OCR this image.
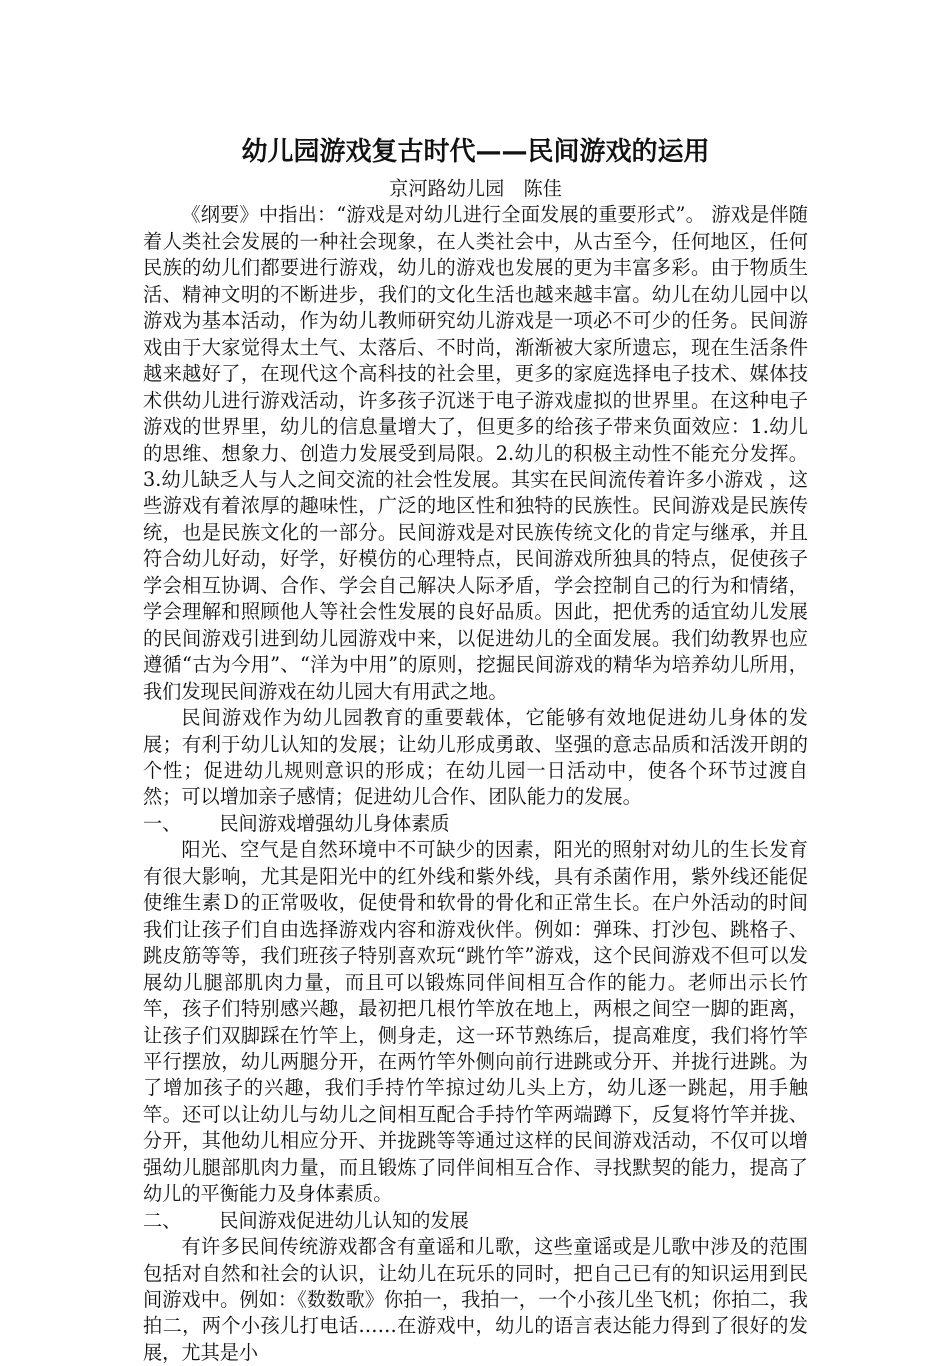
幼儿园游戏复古时代——民间游戏的运用

京河路幼儿园　陈佳

《纲要》中指出：“游戏是对幼儿进行全面发展的重要形式”。 游戏是伴随着人类社会发展的一种社会现象，在人类社会中，从古至今，任何地区，任何民族的幼儿们都要进行游戏，幼儿的游戏也发展的更为丰富多彩。由于物质生活、精神文明的不断进步，我们的文化生活也越来越丰富。幼儿在幼儿园中以游戏为基本活动，作为幼儿教师研究幼儿游戏是一项必不可少的任务。民间游戏由于大家觉得太土气、太落后、不时尚，渐渐被大家所遗忘，现在生活条件越来越好了，在现代这个高科技的社会里，更多的家庭选择电子技术、媒体技术供幼儿进行游戏活动，许多孩子沉迷于电子游戏虚拟的世界里。在这种电子游戏的世界里，幼儿的信息量增大了，但更多的给孩子带来负面效应：1.幼儿的思维、想象力、创造力发展受到局限。2.幼儿的积极主动性不能充分发挥。3.幼儿缺乏人与人之间交流的社会性发展。其实在民间流传着许多小游戏 ，这些游戏有着浓厚的趣味性，广泛的地区性和独特的民族性。民间游戏是民族传统，也是民族文化的一部分。民间游戏是对民族传统文化的肯定与继承，并且符合幼儿好动，好学，好模仿的心理特点，民间游戏所独具的特点，促使孩子学会相互协调、合作、学会自己解决人际矛盾，学会控制自己的行为和情绪，学会理解和照顾他人等社会性发展的良好品质。因此，把优秀的适宜幼儿发展的民间游戏引进到幼儿园游戏中来，以促进幼儿的全面发展。我们幼教界也应遵循“古为今用”、“洋为中用”的原则，挖掘民间游戏的精华为培养幼儿所用，我们发现民间游戏在幼儿园大有用武之地。

民间游戏作为幼儿园教育的重要载体，它能够有效地促进幼儿身体的发展；有利于幼儿认知的发展；让幼儿形成勇敢、坚强的意志品质和活泼开朗的个性；促进幼儿规则意识的形成；在幼儿园一日活动中，使各个环节过渡自然；可以增加亲子感情；促进幼儿合作、团队能力的发展。

一、 民间游戏增强幼儿身体素质

阳光、空气是自然环境中不可缺少的因素，阳光的照射对幼儿的生长发育有很大影响，尤其是阳光中的红外线和紫外线，具有杀菌作用，紫外线还能促使维生素Ｄ的正常吸收，促使骨和软骨的骨化和正常生长。在户外活动的时间我们让孩子们自由选择游戏内容和游戏伙伴。例如：弹珠、打沙包、跳格子、跳皮筋等等，我们班孩子特别喜欢玩“跳竹竿”游戏，这个民间游戏不但可以发展幼儿腿部肌肉力量，而且可以锻炼同伴间相互合作的能力。老师出示长竹竿，孩子们特别感兴趣，最初把几根竹竿放在地上，两根之间空一脚的距离，让孩子们双脚踩在竹竿上，侧身走，这一环节熟练后，提高难度，我们将竹竿平行摆放，幼儿两腿分开，在两竹竿外侧向前行进跳或分开、并拢行进跳。为了增加孩子的兴趣，我们手持竹竿掠过幼儿头上方，幼儿逐一跳起，用手触竿。还可以让幼儿与幼儿之间相互配合手持竹竿两端蹲下，反复将竹竿并拢、分开，其他幼儿相应分开、并拢跳等等通过这样的民间游戏活动，不仅可以增强幼儿腿部肌肉力量，而且锻炼了同伴间相互合作、寻找默契的能力，提高了幼儿的平衡能力及身体素质。

二、 民间游戏促进幼儿认知的发展

有许多民间传统游戏都含有童谣和儿歌，这些童谣或是儿歌中涉及的范围包括对自然和社会的认识，让幼儿在玩乐的同时，把自己已有的知识运用到民间游戏中。例如：《数数歌》你拍一，我拍一，一个小孩儿坐飞机；你拍二，我拍二，两个小孩儿打电话……在游戏中，幼儿的语言表达能力得到了很好的发展，尤其是小
